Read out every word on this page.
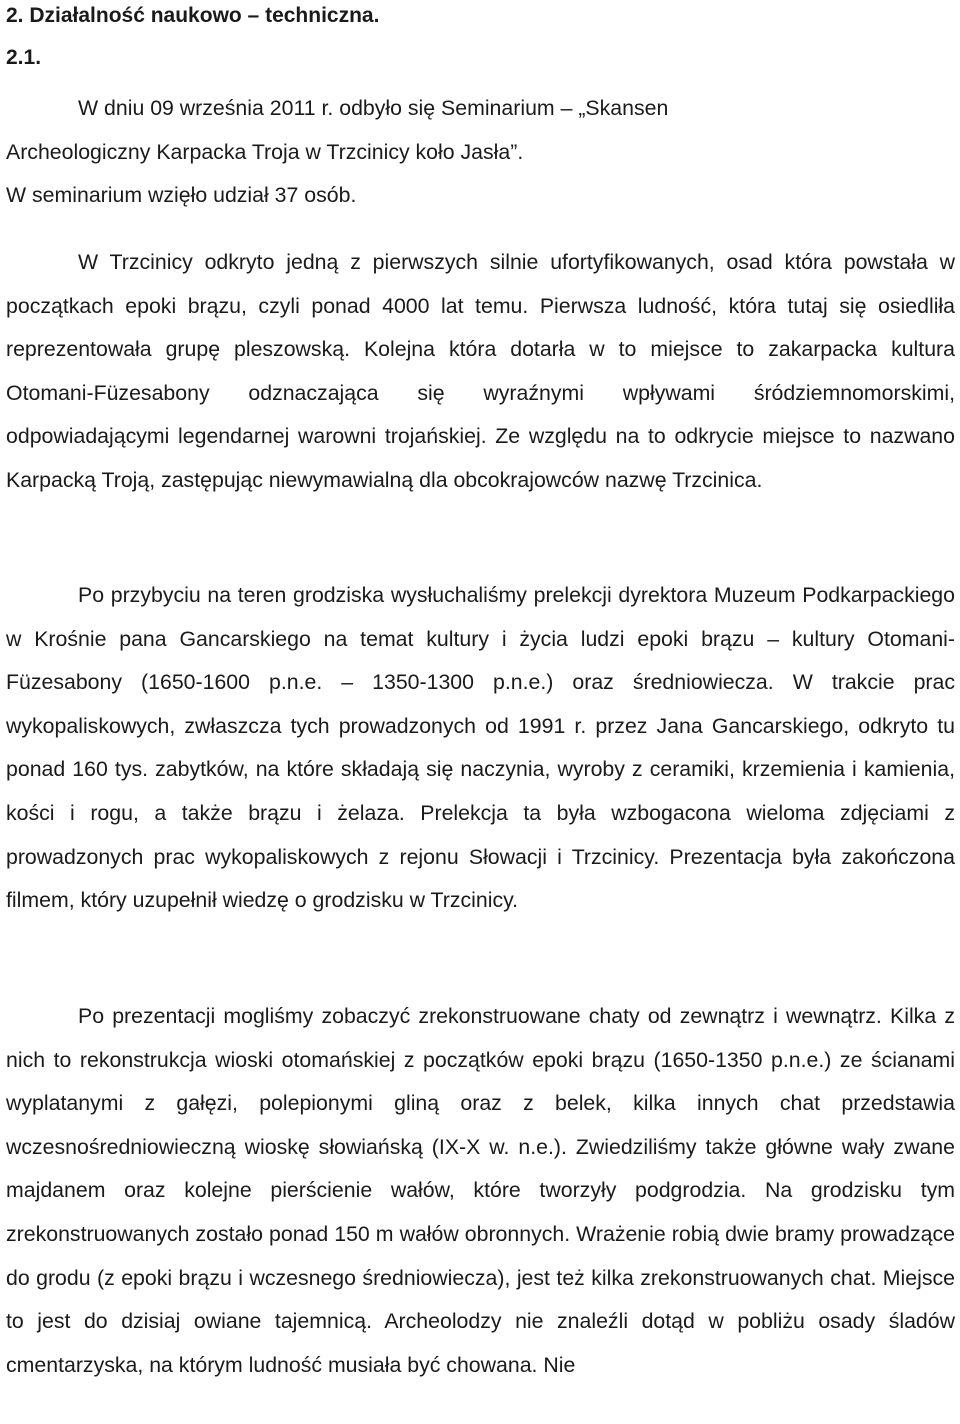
2. Działalność naukowo – techniczna.
2.1.

W dniu 09 września 2011 r. odbyło się Seminarium – „Skansen
Archeologiczny Karpacka Troja w Trzcinicy koło Jasła”.
W seminarium wzięło udział 37 osób.

W Trzcinicy odkryto jedną z pierwszych silnie ufortyfikowanych, osad która powstała w początkach epoki brązu, czyli ponad 4000 lat temu. Pierwsza ludność, która tutaj się osiedliła reprezentowała grupę pleszowską. Kolejna która dotarła w to miejsce to zakarpacka kultura Otomani-Füzesabony odznaczająca się wyraźnymi wpływami śródziemnomorskimi, odpowiadającymi legendarnej warowni trojańskiej. Ze względu na to odkrycie miejsce to nazwano Karpacką Troją, zastępując niewymawialną dla obcokrajowców nazwę Trzcinica.

Po przybyciu na teren grodziska wysłuchaliśmy prelekcji dyrektora Muzeum Podkarpackiego w Krośnie pana Gancarskiego na temat kultury i życia ludzi epoki brązu – kultury Otomani-Füzesabony (1650-1600 p.n.e. – 1350-1300 p.n.e.) oraz średniowiecza. W trakcie prac wykopaliskowych, zwłaszcza tych prowadzonych od 1991 r. przez Jana Gancarskiego, odkryto tu ponad 160 tys. zabytków, na które składają się naczynia, wyroby z ceramiki, krzemienia i kamienia, kości i rogu, a także brązu i żelaza. Prelekcja ta była wzbogacona wieloma zdjęciami z prowadzonych prac wykopaliskowych z rejonu Słowacji i Trzcinicy. Prezentacja była zakończona filmem, który uzupełnił wiedzę o grodzisku w Trzcinicy.

Po prezentacji mogliśmy zobaczyć zrekonstruowane chaty od zewnątrz i wewnątrz. Kilka z nich to rekonstrukcja wioski otomańskiej z początków epoki brązu (1650-1350 p.n.e.) ze ścianami wyplatanymi z gałęzi, polepionymi gliną oraz z belek, kilka innych chat przedstawia wczesnośredniowieczną wioskę słowiańską (IX-X w. n.e.). Zwiedziliśmy także główne wały zwane majdanem oraz kolejne pierścienie wałów, które tworzyły podgrodzia. Na grodzisku tym zrekonstruowanych zostało ponad 150 m wałów obronnych. Wrażenie robią dwie bramy prowadzące do grodu (z epoki brązu i wczesnego średniowiecza), jest też kilka zrekonstruowanych chat. Miejsce to jest do dzisiaj owiane tajemnicą. Archeolodzy nie znaleźli dotąd w pobliżu osady śladów cmentarzyska, na którym ludność musiała być chowana. Nie
